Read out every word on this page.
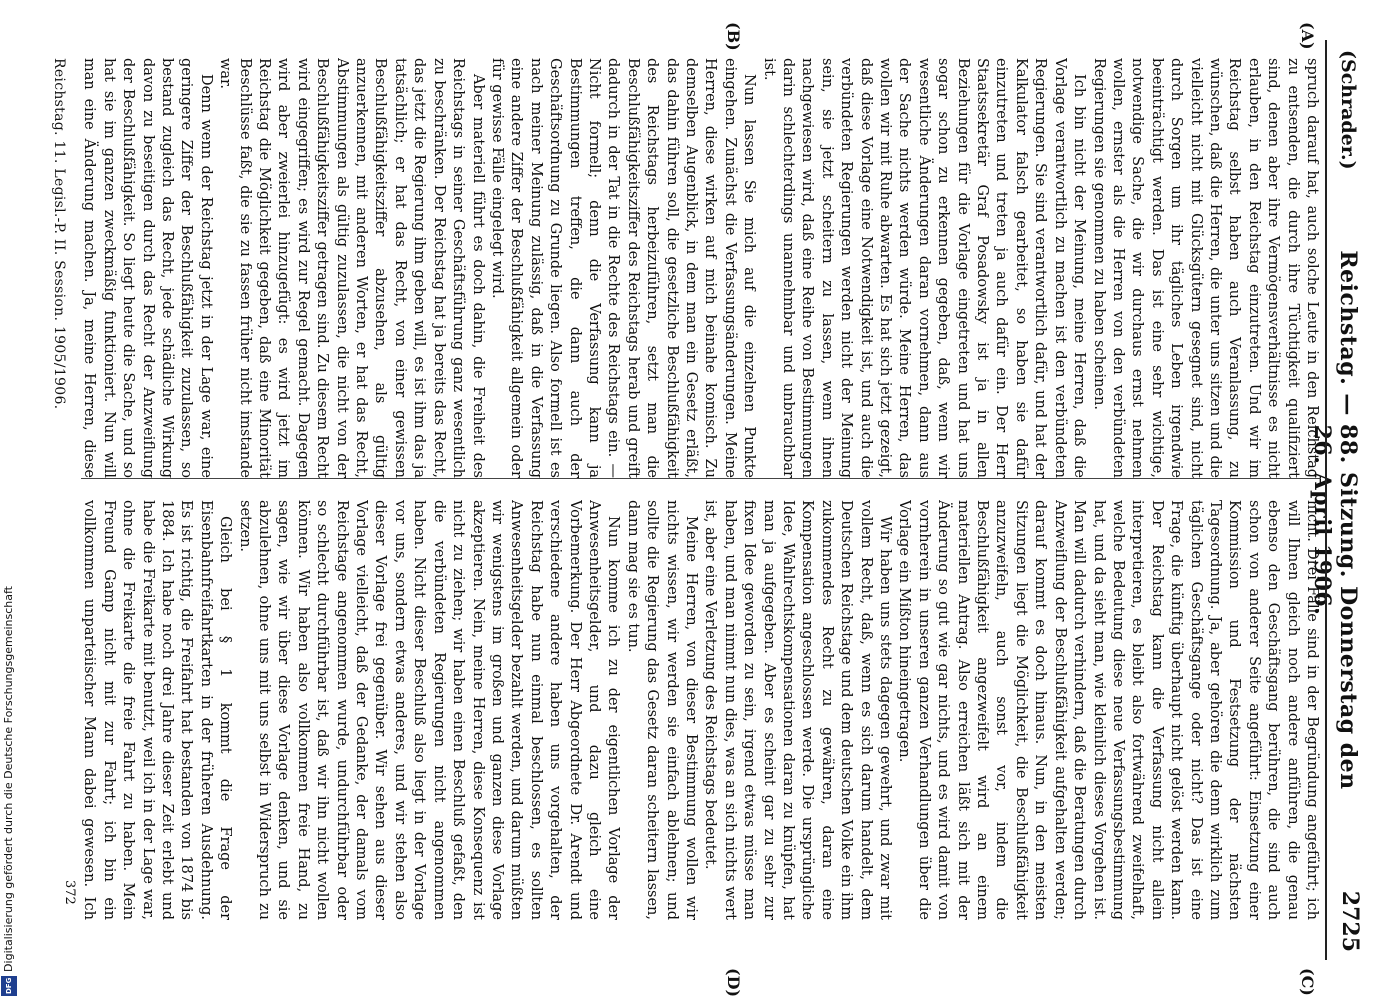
(Schrader.)
Reichstag. — 88. Sitzung. Donnerstag den 26. April 1906.
2725
(A)
(B)
(C)
(D)

spruch darauf hat, auch solche Leute in den Reichstag zu entsenden, die durch ihre Tüchtigkeit qualifiziert sind, denen aber ihre Vermögensverhältnisse es nicht erlauben, in den Reichstag einzutreten. Und wir im Reichstag selbst haben auch Veranlassung, zu wünschen, daß die Herren, die unter uns sitzen und die vielleicht nicht mit Glücksgütern gesegnet sind, nicht durch Sorgen um ihr tägliches Leben irgendwie beeinträchtigt werden. Das ist eine sehr wichtige, notwendige Sache, die wir durchaus ernst nehmen wollen, ernster als die Herren von den verbündeten Regierungen sie genommen zu haben scheinen.

Ich bin nicht der Meinung, meine Herren, daß die Vorlage verantwortlich zu machen ist den verbündeten Regierungen. Sie sind verantwortlich dafür, und hat der Kalkulator falsch gearbeitet, so haben sie dafür einzutreten und treten ja auch dafür ein. Der Herr Staatssekretär Graf Posadowsky ist ja in allen Beziehungen für die Vorlage eingetreten und hat uns sogar schon zu erkennen gegeben, daß, wenn wir wesentliche Änderungen daran vornehmen, dann aus der Sache nichts werden würde. Meine Herren, das wollen wir mit Ruhe abwarten. Es hat sich jetzt gezeigt, daß diese Vorlage eine Notwendigkeit ist, und auch die verbündeten Regierungen werden nicht der Meinung sein, sie jetzt scheitern zu lassen, wenn ihnen nachgewiesen wird, daß eine Reihe von Bestimmungen darin schlechterdings unannehmbar und unbrauchbar ist.

Nun lassen Sie mich auf die einzelnen Punkte eingehen. Zunächst die Verfassungsänderungen. Meine Herren, diese wirken auf mich beinahe komisch. Zu demselben Augenblick, in dem man ein Gesetz erläßt, das dahin führen soll, die gesetzliche Beschlußfähigkeit des Reichstags herbeizuführen, setzt man die Beschlußfähigkeitsziffer des Reichstags herab und greift dadurch in der Tat in die Rechte des Reichstags ein. — Nicht formell; denn die Verfassung kann ja Bestimmungen treffen, die dann auch der Geschäftsordnung zu Grunde liegen. Also formell ist es nach meiner Meinung zulässig, daß in die Verfassung eine andere Ziffer der Beschlußfähigkeit allgemein oder für gewisse Fälle eingelegt wird.

Aber materiell führt es doch dahin, die Freiheit des Reichstags in seiner Geschäftsführung ganz wesentlich zu beschränken. Der Reichstag hat ja bereits das Recht, das jetzt die Regierung ihm geben will, es ist ihm das ja tatsächlich; er hat das Recht, von einer gewissen Beschlußfähigkeitsziffer abzusehen, als gültig anzuerkennen, mit anderen Worten, er hat das Recht, Abstimmungen als gültig zuzulassen, die nicht von der Beschlußfähigkeitsziffer getragen sind. Zu diesem Recht wird eingegriffen; es wird zur Regel gemacht. Dagegen wird aber zweierlei hinzugefügt: es wird jetzt im Reichstag die Möglichkeit gegeben, daß eine Minorität Beschlüsse faßt, die sie zu fassen früher nicht imstande war.

Denn wenn der Reichstag jetzt in der Lage war, eine geringere Ziffer der Beschlußfähigkeit zuzulassen, so bestand zugleich das Recht, jede schädliche Wirkung davon zu beseitigen durch das Recht der Anzweiflung der Beschlußfähigkeit. So liegt heute die Sache, und so hat sie im ganzen zweckmäßig funktioniert. Nun will man eine Änderung machen. Ja, meine Herren, diese

nicht. Drei Fälle sind in der Begründung angeführt; ich will Ihnen gleich noch andere anführen, die genau ebenso den Geschäftsgang berühren, die sind auch schon von anderer Seite angeführt: Einsetzung einer Kommission und Festsetzung der nächsten Tagesordnung. Ja, aber gehören die denn wirklich zum täglichen Geschäftsgange oder nicht? Das ist eine Frage, die künftig überhaupt nicht gelöst werden kann. Der Reichstag kann die Verfassung nicht allein interpretieren, es bleibt also fortwährend zweifelhaft, welche Bedeutung diese neue Verfassungsbestimmung hat, und da sieht man, wie kleinlich dieses Vorgehen ist. Man will dadurch verhindern, daß die Beratungen durch Anzweiflung der Beschlußfähigkeit aufgehalten werden; darauf kommt es doch hinaus. Nun, in den meisten Sitzungen liegt die Möglichkeit, die Beschlußfähigkeit anzuzweifeln, auch sonst vor, indem die Beschlußfähigkeit angezweifelt wird an einem materiellen Antrag. Also erreichen läßt sich mit der Änderung so gut wie gar nichts, und es wird damit von vornherein in unseren ganzen Verhandlungen über die Vorlage ein Mißton hineingetragen.

Wir haben uns stets dagegen gewehrt, und zwar mit vollem Recht, daß, wenn es sich darum handelt, dem Deutschen Reichstage und dem deutschen Volke ein ihm zukommendes Recht zu gewähren, daran eine Kompensation angeschlossen werde. Die ursprüngliche Idee, Wahlrechtskompensationen daran zu knüpfen, hat man ja aufgegeben. Aber es scheint gar zu sehr zur fixen Idee geworden zu sein, irgend etwas müsse man haben, und man nimmt nun dies, was an sich nichts wert ist, aber eine Verletzung des Reichstags bedeutet.

Meine Herren, von dieser Bestimmung wollen wir nichts wissen, wir werden sie einfach ablehnen; und sollte die Regierung das Gesetz daran scheitern lassen, dann mag sie es tun.

Nun komme ich zu der eigentlichen Vorlage der Anwesenheitsgelder, und dazu gleich eine Vorbemerkung. Der Herr Abgeordnete Dr. Arendt und verschiedene andere haben uns vorgehalten, der Reichstag habe nun einmal beschlossen, es sollten Anwesenheitsgelder bezahlt werden, und darum müßten wir wenigstens im großen und ganzen diese Vorlage akzeptieren. Nein, meine Herren, diese Konsequenz ist nicht zu ziehen; wir haben einen Beschluß gefaßt, den die verbündeten Regierungen nicht angenommen haben. Nicht dieser Beschluß also liegt in der Vorlage vor uns, sondern etwas anderes, und wir stehen also dieser Vorlage frei gegenüber. Wir sehen aus dieser Vorlage vielleicht, daß der Gedanke, der damals vom Reichstage angenommen wurde, undurchführbar oder so schlecht durchführbar ist, daß wir ihn nicht wollen können. Wir haben also vollkommen freie Hand, zu sagen, wie wir über diese Vorlage denken, und sie abzulehnen, ohne uns mit uns selbst in Widerspruch zu setzen.

Gleich bei § 1 kommt die Frage der Eisenbahnfreifahrtkarten in der früheren Ausdehnung. Es ist richtig, die Freifahrt hat bestanden von 1874 bis 1884. Ich habe noch drei Jahre dieser Zeit erlebt und habe die Freikarte mit benutzt, weil ich in der Lage war, ohne die Freikarte die freie Fahrt zu haben. Mein Freund Gamp nicht mit zur Fahrt; ich bin ein vollkommen unparteiischer Mann dabei gewesen. Ich

Reichstag. 11. Legisl.-P. II. Session. 1905/1906.
372
Digitalisierung gefördert durch die Deutsche Forschungsgemeinschaft
DFG
